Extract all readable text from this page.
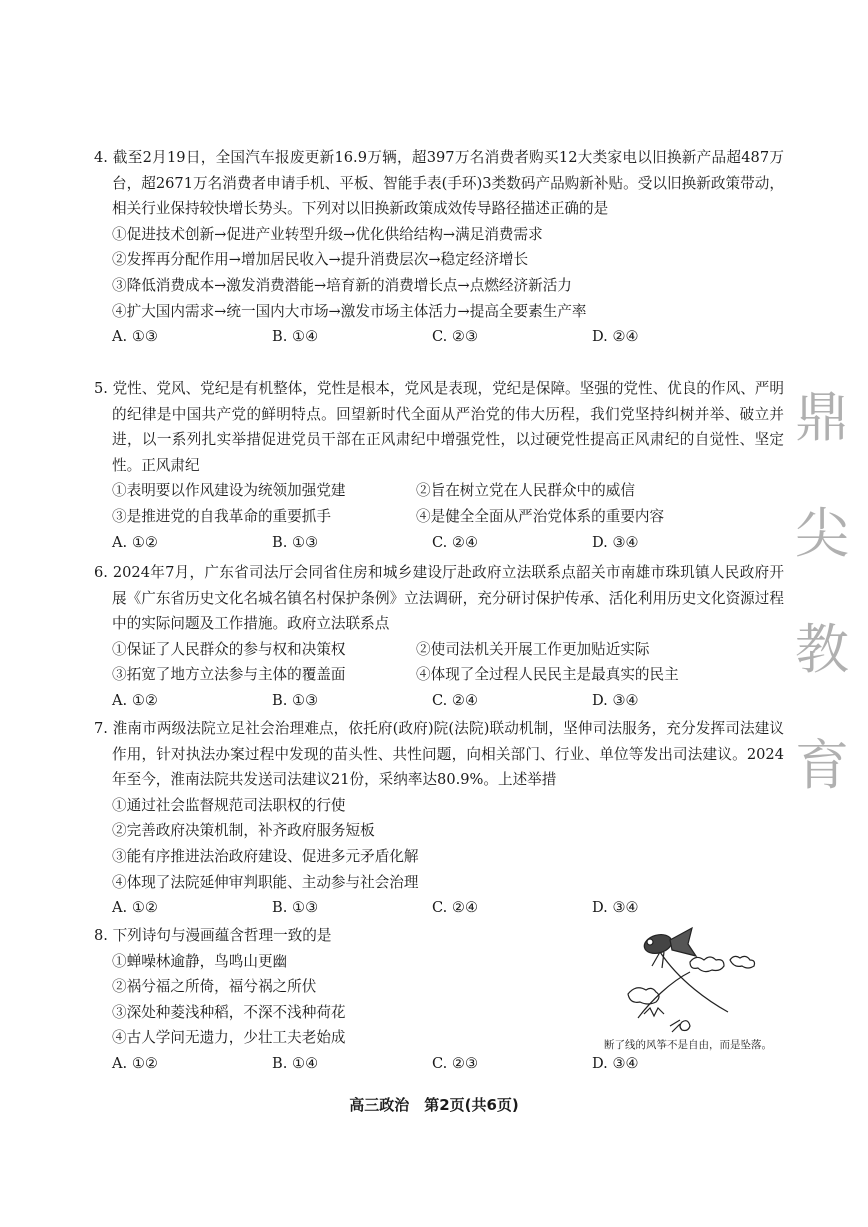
4. 截至2月19日，全国汽车报废更新16.9万辆，超397万名消费者购买12大类家电以旧换新产品超487万台，超2671万名消费者申请手机、平板、智能手表(手环)3类数码产品购新补贴。受以旧换新政策带动，相关行业保持较快增长势头。下列对以旧换新政策成效传导路径描述正确的是
①促进技术创新→促进产业转型升级→优化供给结构→满足消费需求
②发挥再分配作用→增加居民收入→提升消费层次→稳定经济增长
③降低消费成本→激发消费潜能→培育新的消费增长点→点燃经济新活力
④扩大国内需求→统一国内大市场→激发市场主体活力→提高全要素生产率
A. ①③	B. ①④	C. ②③	D. ②④
5. 党性、党风、党纪是有机整体，党性是根本，党风是表现，党纪是保障。坚强的党性、优良的作风、严明的纪律是中国共产党的鲜明特点。回望新时代全面从严治党的伟大历程，我们党坚持纠树并举、破立并进，以一系列扎实举措促进党员干部在正风肃纪中增强党性，以过硬党性提高正风肃纪的自觉性、坚定性。正风肃纪
①表明要以作风建设为统领加强党建	②旨在树立党在人民群众中的威信
③是推进党的自我革命的重要抓手	④是健全全面从严治党体系的重要内容
A. ①②	B. ①③	C. ②④	D. ③④
6. 2024年7月，广东省司法厅会同省住房和城乡建设厅赴政府立法联系点韶关市南雄市珠玑镇人民政府开展《广东省历史文化名城名镇名村保护条例》立法调研，充分研讨保护传承、活化利用历史文化资源过程中的实际问题及工作措施。政府立法联系点
①保证了人民群众的参与权和决策权	②使司法机关开展工作更加贴近实际
③拓宽了地方立法参与主体的覆盖面	④体现了全过程人民民主是最真实的民主
A. ①②	B. ①③	C. ②④	D. ③④
7. 淮南市两级法院立足社会治理难点，依托府(政府)院(法院)联动机制，坚伸司法服务，充分发挥司法建议作用，针对执法办案过程中发现的苗头性、共性问题，向相关部门、行业、单位等发出司法建议。2024年至今，淮南法院共发送司法建议21份，采纳率达80.9%。上述举措
①通过社会监督规范司法职权的行使
②完善政府决策机制，补齐政府服务短板
③能有序推进法治政府建设、促进多元矛盾化解
④体现了法院延伸审判职能、主动参与社会治理
A. ①②	B. ①③	C. ②④	D. ③④
8. 下列诗句与漫画蕴含哲理一致的是
①蝉噪林逾静，鸟鸣山更幽
②祸兮福之所倚，福兮祸之所伏
③深处种菱浅种稻，不深不浅种荷花
④古人学问无遗力，少壮工夫老始成
A. ①②	B. ①④	C. ②③	D. ③④
断了线的风筝不是自由，而是坠落。
鼎
尖
教
育
高三政治　第2页(共6页)
